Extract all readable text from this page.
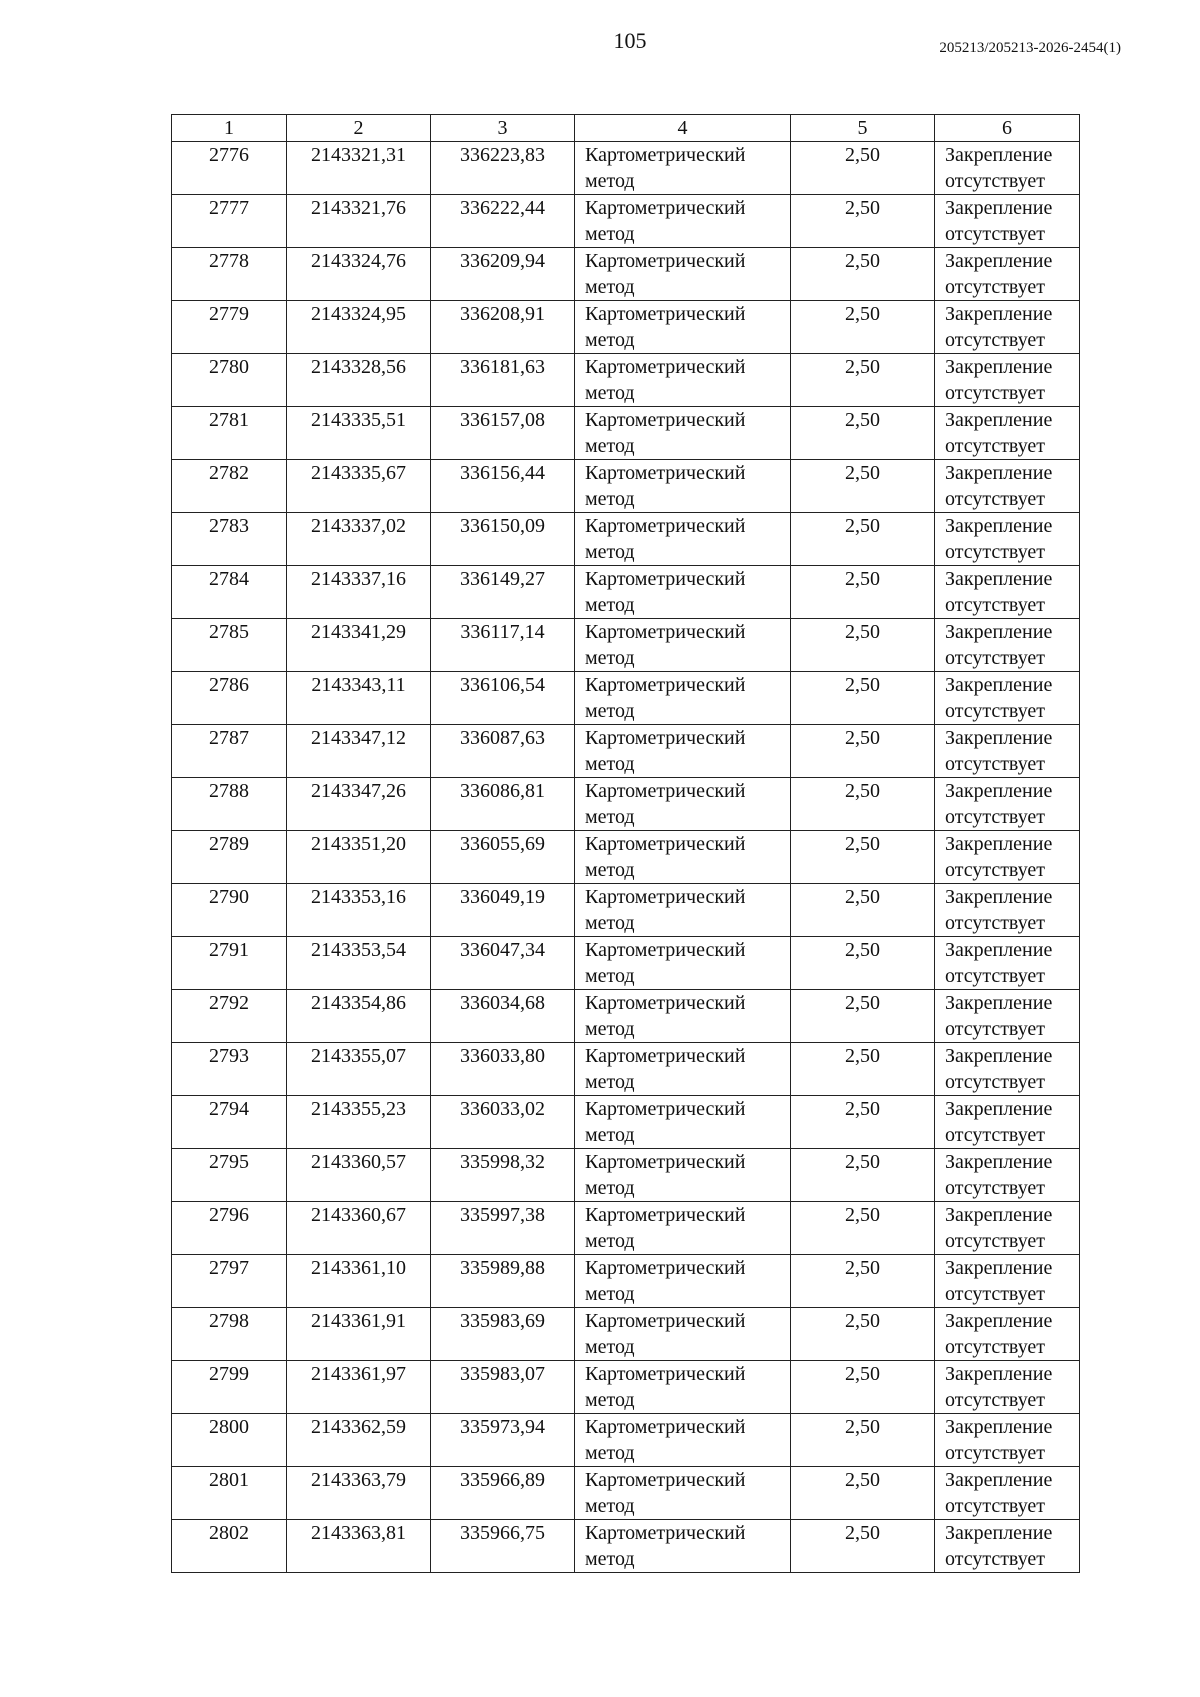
105	205213/205213-2026-2454(1)
1	2	3	4	5	6
2776	2143321,31	336223,83	Картометрический метод	2,50	Закрепление отсутствует
2777	2143321,76	336222,44	Картометрический метод	2,50	Закрепление отсутствует
2778	2143324,76	336209,94	Картометрический метод	2,50	Закрепление отсутствует
2779	2143324,95	336208,91	Картометрический метод	2,50	Закрепление отсутствует
2780	2143328,56	336181,63	Картометрический метод	2,50	Закрепление отсутствует
2781	2143335,51	336157,08	Картометрический метод	2,50	Закрепление отсутствует
2782	2143335,67	336156,44	Картометрический метод	2,50	Закрепление отсутствует
2783	2143337,02	336150,09	Картометрический метод	2,50	Закрепление отсутствует
2784	2143337,16	336149,27	Картометрический метод	2,50	Закрепление отсутствует
2785	2143341,29	336117,14	Картометрический метод	2,50	Закрепление отсутствует
2786	2143343,11	336106,54	Картометрический метод	2,50	Закрепление отсутствует
2787	2143347,12	336087,63	Картометрический метод	2,50	Закрепление отсутствует
2788	2143347,26	336086,81	Картометрический метод	2,50	Закрепление отсутствует
2789	2143351,20	336055,69	Картометрический метод	2,50	Закрепление отсутствует
2790	2143353,16	336049,19	Картометрический метод	2,50	Закрепление отсутствует
2791	2143353,54	336047,34	Картометрический метод	2,50	Закрепление отсутствует
2792	2143354,86	336034,68	Картометрический метод	2,50	Закрепление отсутствует
2793	2143355,07	336033,80	Картометрический метод	2,50	Закрепление отсутствует
2794	2143355,23	336033,02	Картометрический метод	2,50	Закрепление отсутствует
2795	2143360,57	335998,32	Картометрический метод	2,50	Закрепление отсутствует
2796	2143360,67	335997,38	Картометрический метод	2,50	Закрепление отсутствует
2797	2143361,10	335989,88	Картометрический метод	2,50	Закрепление отсутствует
2798	2143361,91	335983,69	Картометрический метод	2,50	Закрепление отсутствует
2799	2143361,97	335983,07	Картометрический метод	2,50	Закрепление отсутствует
2800	2143362,59	335973,94	Картометрический метод	2,50	Закрепление отсутствует
2801	2143363,79	335966,89	Картометрический метод	2,50	Закрепление отсутствует
2802	2143363,81	335966,75	Картометрический метод	2,50	Закрепление отсутствует
